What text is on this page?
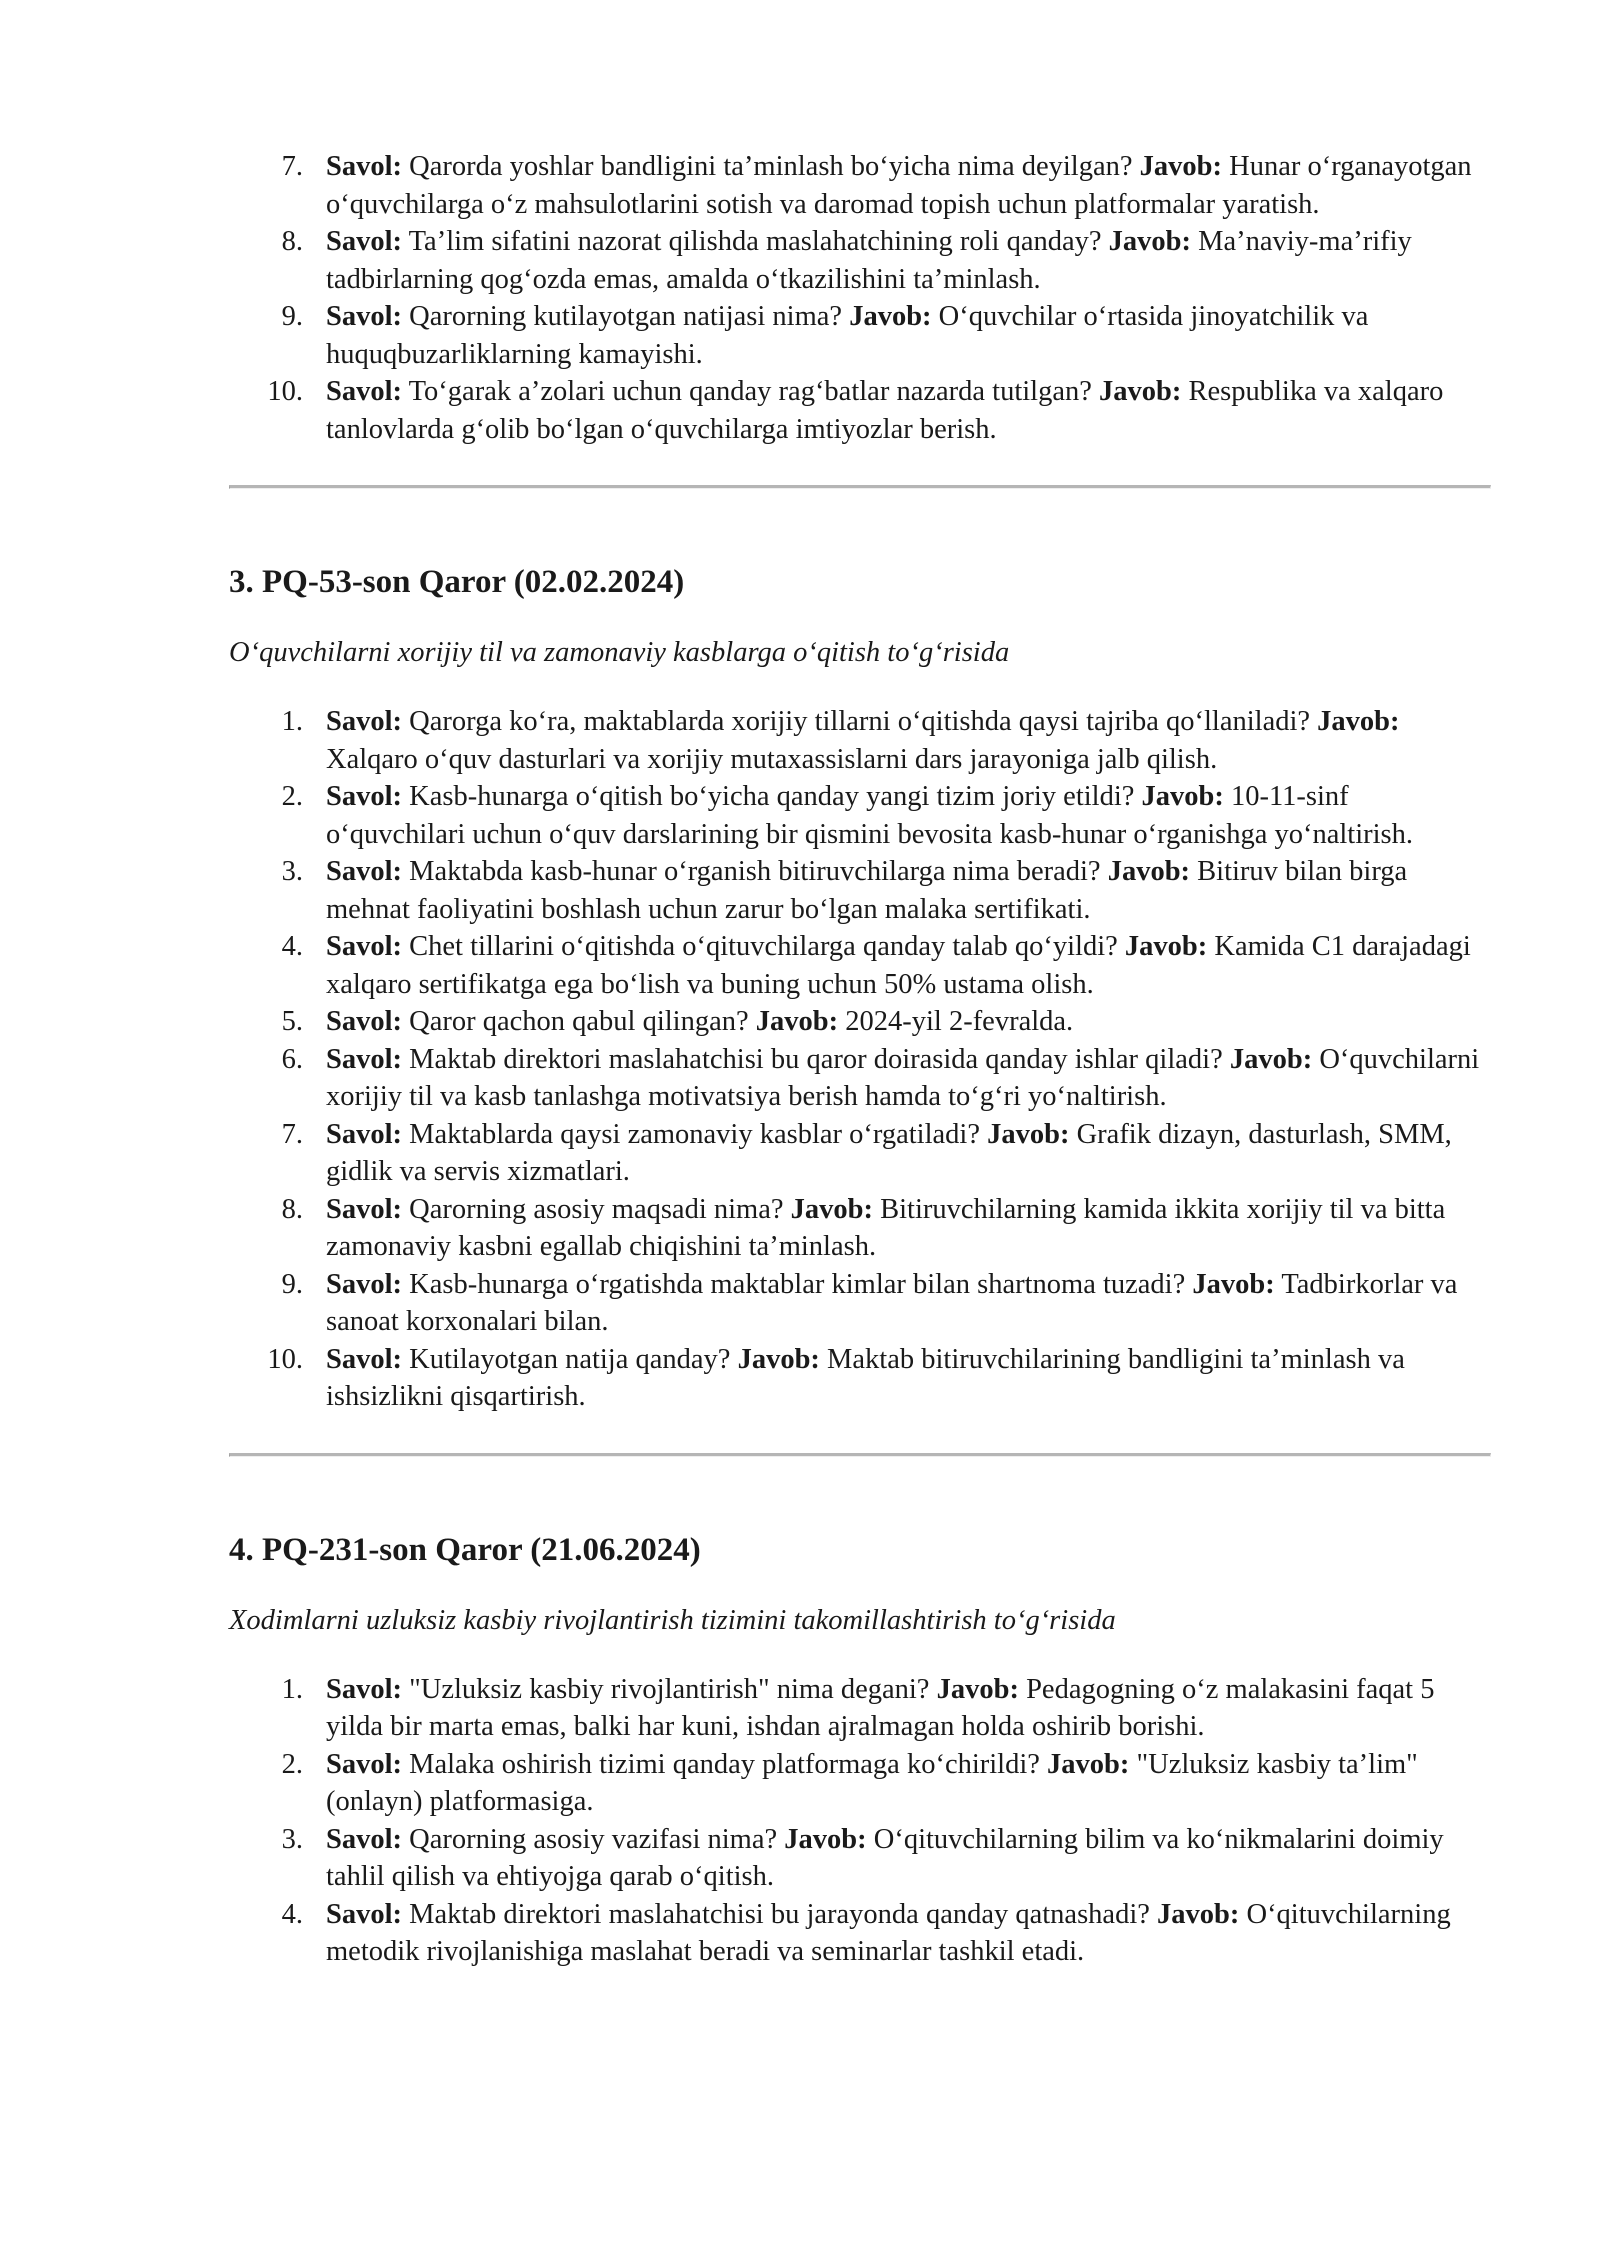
7. Savol: Qarorda yoshlar bandligini ta’minlash bo‘yicha nima deyilgan? Javob: Hunar o‘rganayotgan o‘quvchilarga o‘z mahsulotlarini sotish va daromad topish uchun platformalar yaratish.
8. Savol: Ta’lim sifatini nazorat qilishda maslahatchining roli qanday? Javob: Ma’naviy-ma’rifiy tadbirlarning qog‘ozda emas, amalda o‘tkazilishini ta’minlash.
9. Savol: Qarorning kutilayotgan natijasi nima? Javob: O‘quvchilar o‘rtasida jinoyatchilik va huquqbuzarliklarning kamayishi.
10. Savol: To‘garak a’zolari uchun qanday rag‘batlar nazarda tutilgan? Javob: Respublika va xalqaro tanlovlarda g‘olib bo‘lgan o‘quvchilarga imtiyozlar berish.
3. PQ-53-son Qaror (02.02.2024)

O‘quvchilarni xorijiy til va zamonaviy kasblarga o‘qitish to‘g‘risida

1. Savol: Qarorga ko‘ra, maktablarda xorijiy tillarni o‘qitishda qaysi tajriba qo‘llaniladi? Javob: Xalqaro o‘quv dasturlari va xorijiy mutaxassislarni dars jarayoniga jalb qilish.
2. Savol: Kasb-hunarga o‘qitish bo‘yicha qanday yangi tizim joriy etildi? Javob: 10-11-sinf o‘quvchilari uchun o‘quv darslarining bir qismini bevosita kasb-hunar o‘rganishga yo‘naltirish.
3. Savol: Maktabda kasb-hunar o‘rganish bitiruvchilarga nima beradi? Javob: Bitiruv bilan birga mehnat faoliyatini boshlash uchun zarur bo‘lgan malaka sertifikati.
4. Savol: Chet tillarini o‘qitishda o‘qituvchilarga qanday talab qo‘yildi? Javob: Kamida C1 darajadagi xalqaro sertifikatga ega bo‘lish va buning uchun 50% ustama olish.
5. Savol: Qaror qachon qabul qilingan? Javob: 2024-yil 2-fevralda.
6. Savol: Maktab direktori maslahatchisi bu qaror doirasida qanday ishlar qiladi? Javob: O‘quvchilarni xorijiy til va kasb tanlashga motivatsiya berish hamda to‘g‘ri yo‘naltirish.
7. Savol: Maktablarda qaysi zamonaviy kasblar o‘rgatiladi? Javob: Grafik dizayn, dasturlash, SMM, gidlik va servis xizmatlari.
8. Savol: Qarorning asosiy maqsadi nima? Javob: Bitiruvchilarning kamida ikkita xorijiy til va bitta zamonaviy kasbni egallab chiqishini ta’minlash.
9. Savol: Kasb-hunarga o‘rgatishda maktablar kimlar bilan shartnoma tuzadi? Javob: Tadbirkorlar va sanoat korxonalari bilan.
10. Savol: Kutilayotgan natija qanday? Javob: Maktab bitiruvchilarining bandligini ta’minlash va ishsizlikni qisqartirish.
4. PQ-231-son Qaror (21.06.2024)

Xodimlarni uzluksiz kasbiy rivojlantirish tizimini takomillashtirish to‘g‘risida

1. Savol: "Uzluksiz kasbiy rivojlantirish" nima degani? Javob: Pedagogning o‘z malakasini faqat 5 yilda bir marta emas, balki har kuni, ishdan ajralmagan holda oshirib borishi.
2. Savol: Malaka oshirish tizimi qanday platformaga ko‘chirildi? Javob: "Uzluksiz kasbiy ta’lim" (onlayn) platformasiga.
3. Savol: Qarorning asosiy vazifasi nima? Javob: O‘qituvchilarning bilim va ko‘nikmalarini doimiy tahlil qilish va ehtiyojga qarab o‘qitish.
4. Savol: Maktab direktori maslahatchisi bu jarayonda qanday qatnashadi? Javob: O‘qituvchilarning metodik rivojlanishiga maslahat beradi va seminarlar tashkil etadi.
